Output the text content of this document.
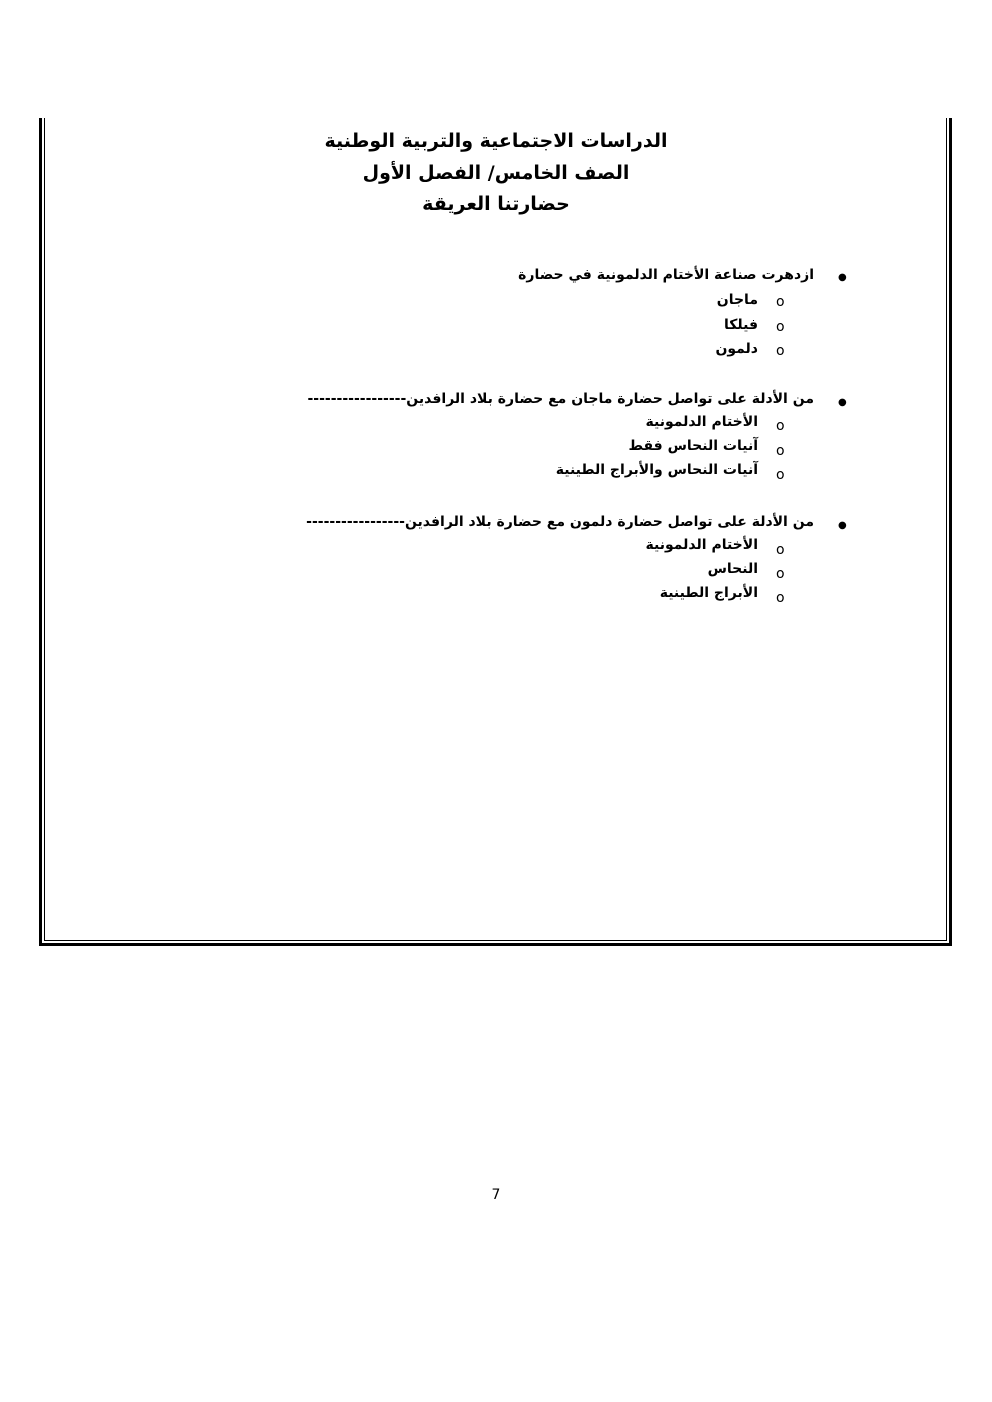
الدراسات الاجتماعية والتربية الوطنية
الصف الخامس/ الفصل الأول
حضارتنا العريقة
●
ازدهرت صناعة الأختام الدلمونية في حضارة
o
ماجان
o
فيلكا
o
دلمون
●
من الأدلة على تواصل حضارة ماجان مع حضارة بلاد الرافدين-----------------
o
الأختام الدلمونية
o
آنيات النحاس فقط
o
آنيات النحاس والأبراج الطينية
●
من الأدلة على تواصل حضارة دلمون مع حضارة بلاد الرافدين-----------------
o
الأختام الدلمونية
o
النحاس
o
الأبراج الطينية
7
